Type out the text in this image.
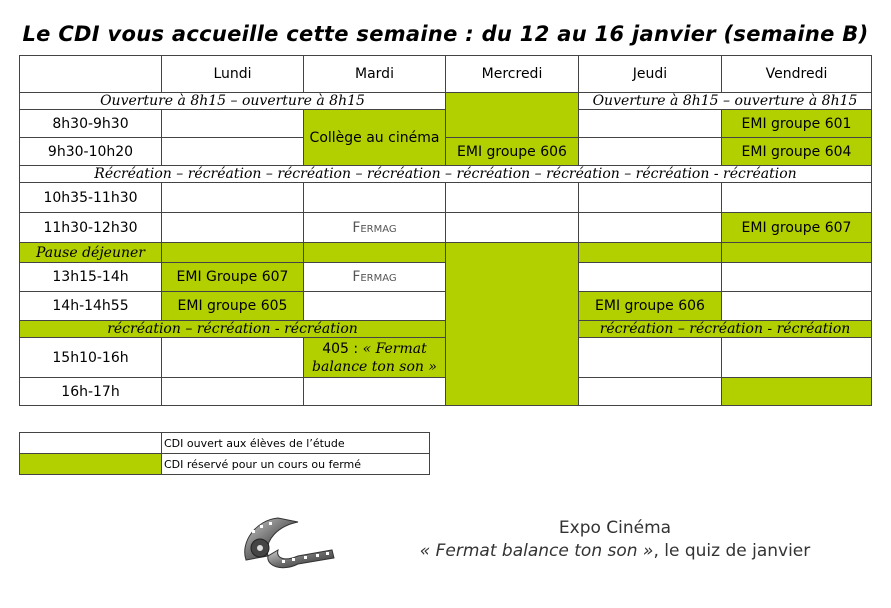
Le CDI vous accueille cette semaine : du 12 au 16 janvier (semaine B)
	Lundi	Mardi	Mercredi	Jeudi	Vendredi
Ouverture à 8h15 – ouverture à 8h15				Ouverture à 8h15 – ouverture à 8h15	
8h30-9h30		Collège au cinéma			EMI groupe 601
9h30-10h20			EMI groupe 606		EMI groupe 604
Récréation – récréation – récréation – récréation – récréation – récréation – récréation - récréation					
10h35-11h30					
11h30-12h30		Fermag			EMI groupe 607
Pause déjeuner					
13h15-14h	EMI Groupe 607	Fermag			
14h-14h55	EMI groupe 605			EMI groupe 606	
récréation – récréation - récréation				récréation – récréation - récréation	
15h10-16h		405 : « Fermat balance ton son »			
16h-17h					
	CDI ouvert aux élèves de l’étude
	CDI réservé pour un cours ou fermé
Expo Cinéma
« Fermat balance ton son », le quiz de janvier
